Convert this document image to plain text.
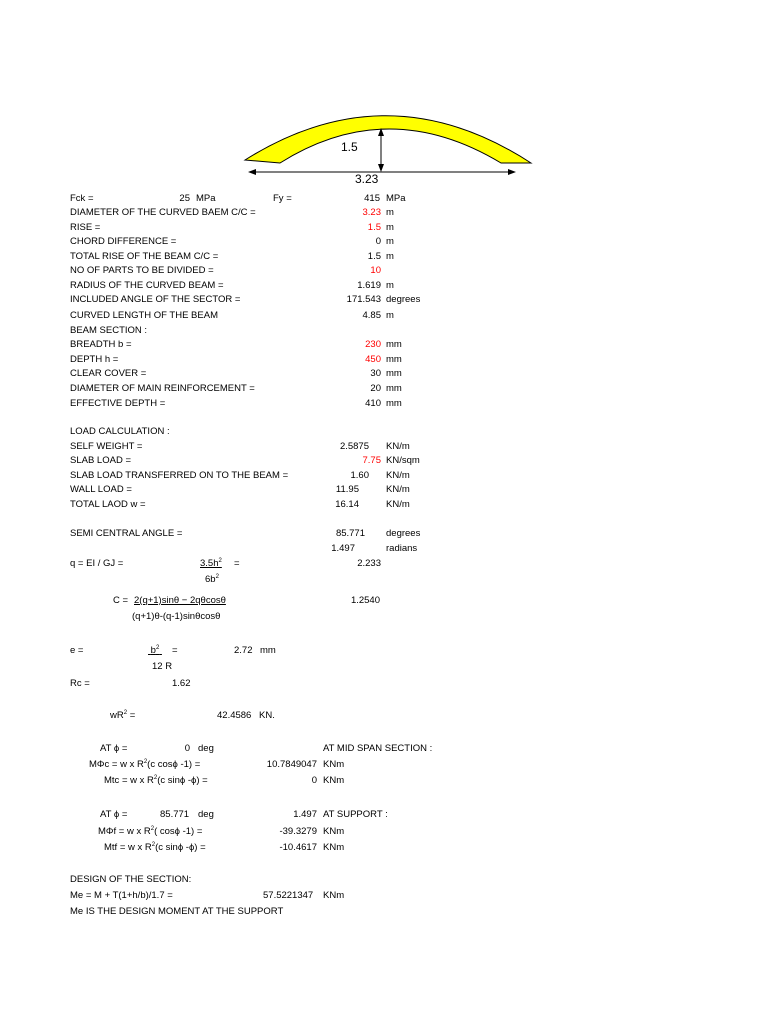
1.5
3.23
Fck =	25 MPa	Fy =	415 MPa
DIAMETER OF THE CURVED BAEM C/C =	3.23 m
RISE =	1.5 m
CHORD DIFFERENCE =	0 m
TOTAL RISE OF THE BEAM C/C =	1.5 m
NO OF PARTS TO BE DIVIDED =	10
RADIUS OF THE CURVED BEAM =	1.619 m
INCLUDED ANGLE OF THE SECTOR =	171.543 degrees
CURVED LENGTH OF THE BEAM	4.85 m
BEAM SECTION :
BREADTH b =	230 mm
DEPTH h =	450 mm
CLEAR COVER =	30 mm
DIAMETER OF MAIN REINFORCEMENT =	20 mm
EFFECTIVE DEPTH =	410 mm
LOAD CALCULATION :
SELF WEIGHT =	2.5875 KN/m
SLAB LOAD =	7.75 KN/sqm
SLAB LOAD TRANSFERRED ON TO THE BEAM =	1.60 KN/m
WALL LOAD =	11.95	KN/m
TOTAL LAOD w =	16.14	KN/m
SEMI CENTRAL ANGLE =	85.771 degrees
1.497	radians
q = EI / GJ =	$3.5h^2$ =
$6b^2$
2.233
C = 2(q+1)sinθ − 2qθcosθ
(q+1)θ-(q-1)sinθcosθ
1.2540
e =	$b^2$ =
12 R
2.72 mm
Rc =	1.62
$wR^2$ =	42.4586 KN.
AT ϕ =	0 deg	AT MID SPAN SECTION :
MΦc = w x $R^2(c$ cosϕ -1) =	10.7849047 KNm
Mtc = w x $R^2(c$ sinϕ -ϕ) =	0 KNm
AT ϕ =	85.771 deg	1.497 AT SUPPORT :
MΦf = w x $R^2$( cosϕ -1) =	-39.3279 KNm
Mtf = w x $R^2(c$ sinϕ -ϕ) =	-10.4617 KNm
DESIGN OF THE SECTION:
Me = M + T(1+h/b)/1.7 =	57.5221347 KNm
Me IS THE DESIGN MOMENT AT THE SUPPORT
